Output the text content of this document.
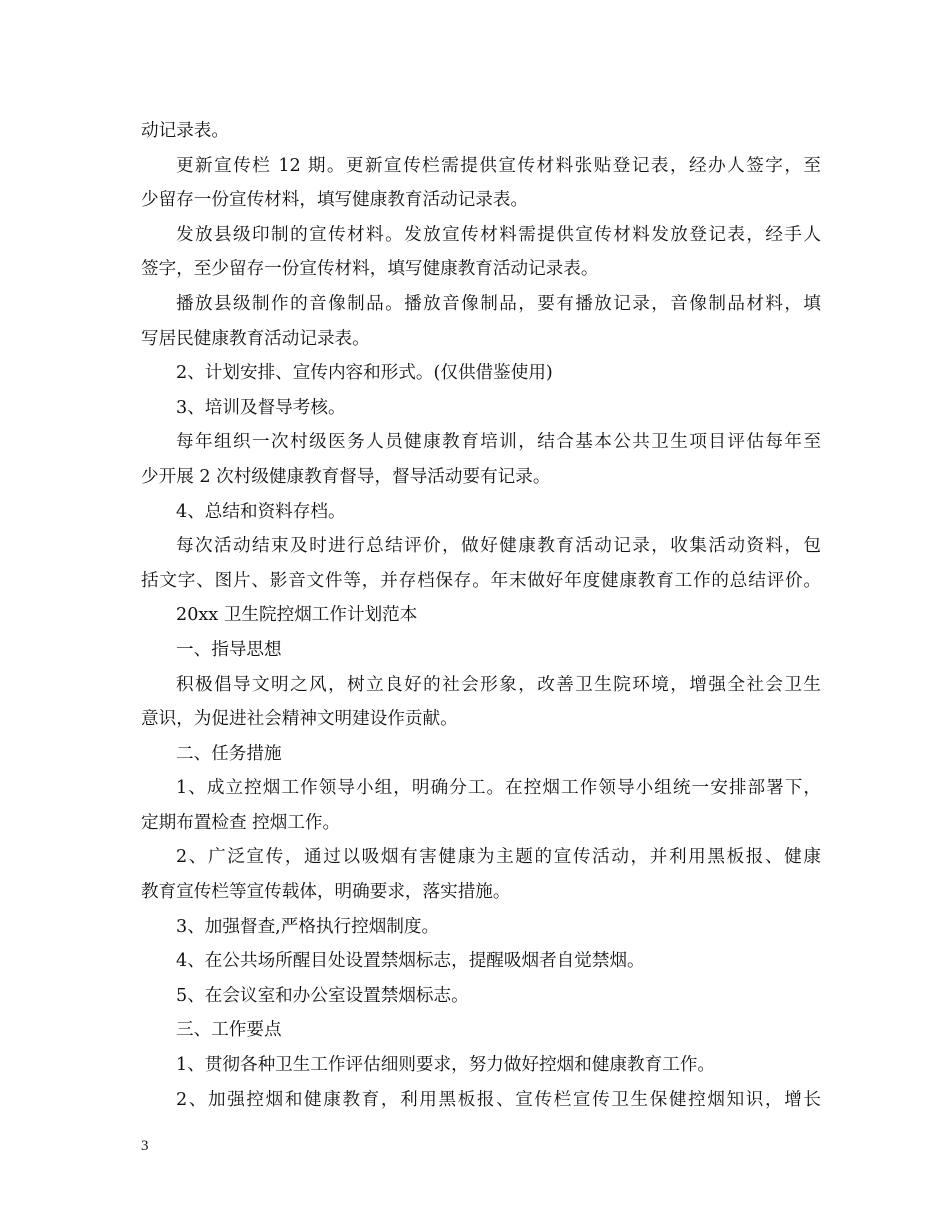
动记录表。
更新宣传栏 12 期。更新宣传栏需提供宣传材料张贴登记表，经办人签字，至
少留存一份宣传材料，填写健康教育活动记录表。
发放县级印制的宣传材料。发放宣传材料需提供宣传材料发放登记表，经手人
签字，至少留存一份宣传材料，填写健康教育活动记录表。
播放县级制作的音像制品。播放音像制品，要有播放记录，音像制品材料，填
写居民健康教育活动记录表。
2、计划安排、宣传内容和形式。(仅供借鉴使用)
3、培训及督导考核。
每年组织一次村级医务人员健康教育培训，结合基本公共卫生项目评估每年至
少开展 2 次村级健康教育督导，督导活动要有记录。
4、总结和资料存档。
每次活动结束及时进行总结评价，做好健康教育活动记录，收集活动资料，包
括文字、图片、影音文件等，并存档保存。年末做好年度健康教育工作的总结评价。
20xx 卫生院控烟工作计划范本
一、指导思想
积极倡导文明之风，树立良好的社会形象，改善卫生院环境，增强全社会卫生
意识，为促进社会精神文明建设作贡献。
二、任务措施
1、成立控烟工作领导小组，明确分工。在控烟工作领导小组统一安排部署下，
定期布置检查 控烟工作。
2、广泛宣传，通过以吸烟有害健康为主题的宣传活动，并利用黑板报、健康
教育宣传栏等宣传载体，明确要求，落实措施。
3、加强督查,严格执行控烟制度。
4、在公共场所醒目处设置禁烟标志，提醒吸烟者自觉禁烟。
5、在会议室和办公室设置禁烟标志。
三、工作要点
1、贯彻各种卫生工作评估细则要求，努力做好控烟和健康教育工作。
2、加强控烟和健康教育，利用黑板报、宣传栏宣传卫生保健控烟知识，增长
3
